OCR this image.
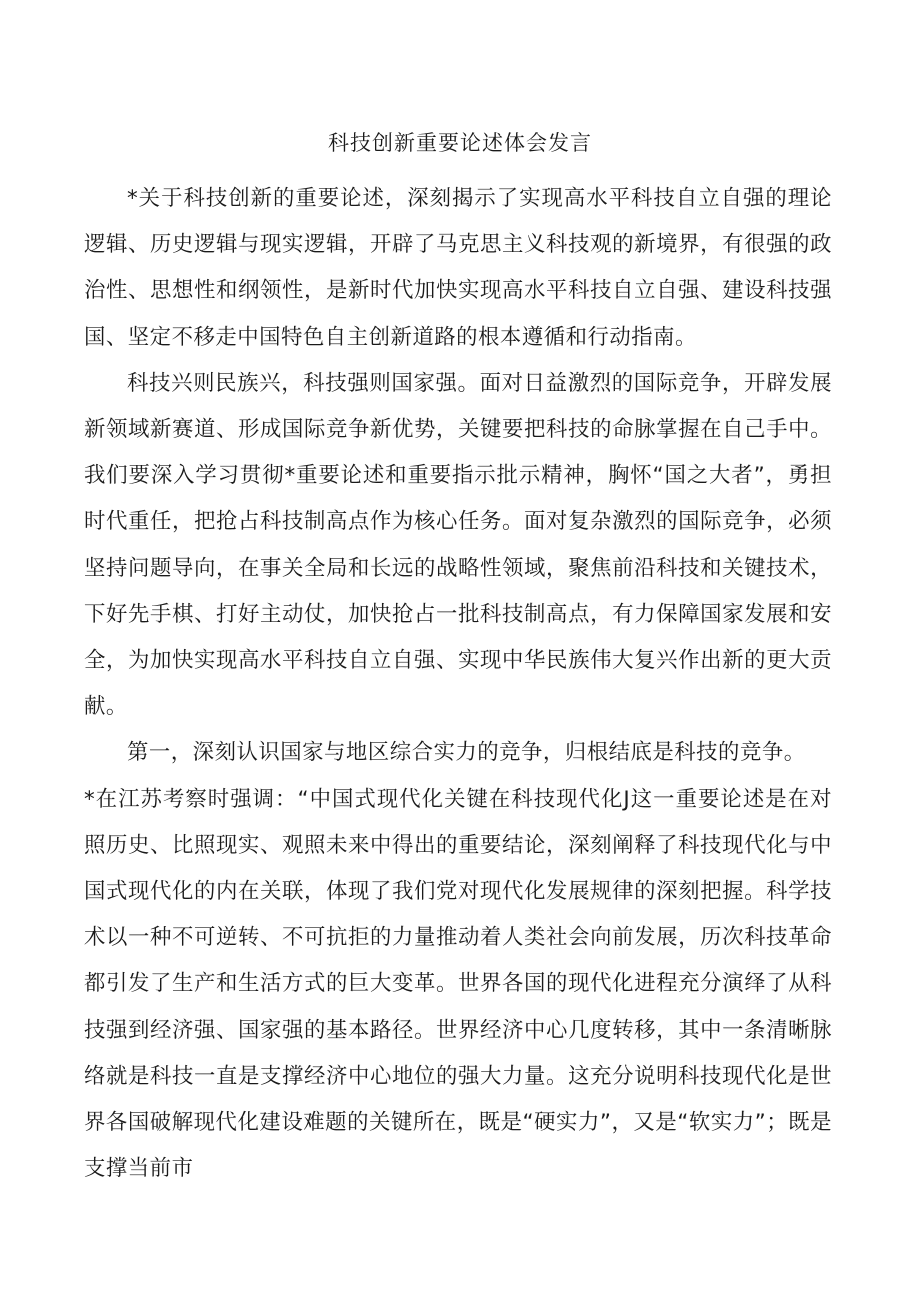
科技创新重要论述体会发言

*关于科技创新的重要论述，深刻揭示了实现高水平科技自立自强的理论逻辑、历史逻辑与现实逻辑，开辟了马克思主义科技观的新境界，有很强的政治性、思想性和纲领性，是新时代加快实现高水平科技自立自强、建设科技强国、坚定不移走中国特色自主创新道路的根本遵循和行动指南。

科技兴则民族兴，科技强则国家强。面对日益激烈的国际竞争，开辟发展新领域新赛道、形成国际竞争新优势，关键要把科技的命脉掌握在自己手中。我们要深入学习贯彻*重要论述和重要指示批示精神，胸怀“国之大者”，勇担时代重任，把抢占科技制高点作为核心任务。面对复杂激烈的国际竞争，必须坚持问题导向，在事关全局和长远的战略性领域，聚焦前沿科技和关键技术，下好先手棋、打好主动仗，加快抢占一批科技制高点，有力保障国家发展和安全，为加快实现高水平科技自立自强、实现中华民族伟大复兴作出新的更大贡献。

第一，深刻认识国家与地区综合实力的竞争，归根结底是科技的竞争。

*在江苏考察时强调：“中国式现代化关键在科技现代化J这一重要论述是在对照历史、比照现实、观照未来中得出的重要结论，深刻阐释了科技现代化与中国式现代化的内在关联，体现了我们党对现代化发展规律的深刻把握。科学技术以一种不可逆转、不可抗拒的力量推动着人类社会向前发展，历次科技革命都引发了生产和生活方式的巨大变革。世界各国的现代化进程充分演绎了从科技强到经济强、国家强的基本路径。世界经济中心几度转移，其中一条清晰脉络就是科技一直是支撑经济中心地位的强大力量。这充分说明科技现代化是世界各国破解现代化建设难题的关键所在，既是“硬实力”，又是“软实力”；既是支撑当前市
